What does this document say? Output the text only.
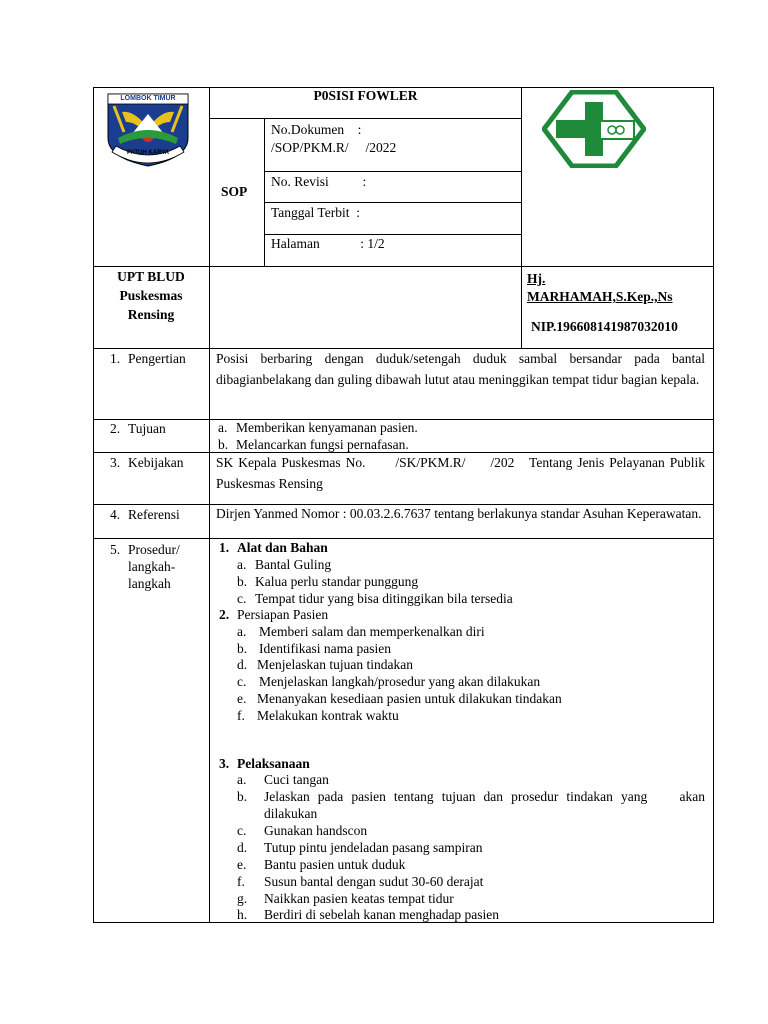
LOMBOK TIMUR
PATUH KARYA
P0SISI FOWLER
SOP
No.Dokumen    :
/SOP/PKM.R/     /2022
No. Revisi          :
Tanggal Terbit  :
Halaman            : 1/2
UPT BLUD
Puskesmas
Rensing
Hj.
MARHAMAH,S.Kep.,Ns
NIP.196608141987032010
1. Pengertian Posisi berbaring dengan duduk/setengah duduk sambal bersandar pada bantal dibagianbelakang dan guling dibawah lutut atau meninggikan tempat tidur bagian kepala.
2. Tujuan	a. Memberikan kenyamanan pasien.
b. Melancarkan fungsi pernafasan.
3. Kebijakan SK Kepala Puskesmas No.      /SK/PKM.R/     /202   Tentang Jenis Pelayanan Publik Puskesmas Rensing
4. Referensi	Dirjen Yanmed Nomor : 00.03.2.6.7637 tentang berlakunya standar Asuhan Keperawatan.
5. Prosedur/
langkah-
langkah
1. Alat dan Bahan
a. Bantal Guling
b. Kalua perlu standar punggung
c. Tempat tidur yang bisa ditinggikan bila tersedia
2. Persiapan Pasien
a. Memberi salam dan memperkenalkan diri
b. Identifikasi nama pasien
d. Menjelaskan tujuan tindakan
c. Menjelaskan langkah/prosedur yang akan dilakukan
e. Menanyakan kesediaan pasien untuk dilakukan tindakan
f. Melakukan kontrak waktu
3. Pelaksanaan
a. Cuci tangan
b.	Jelaskan pada pasien tentang tujuan dan prosedur tindakan yang    akan dilakukan
c. Gunakan handscon
d. Tutup pintu jendeladan pasang sampiran
e. Bantu pasien untuk duduk
f. Susun bantal dengan sudut 30-60 derajat
g. Naikkan pasien keatas tempat tidur
h. Berdiri di sebelah kanan menghadap pasien
